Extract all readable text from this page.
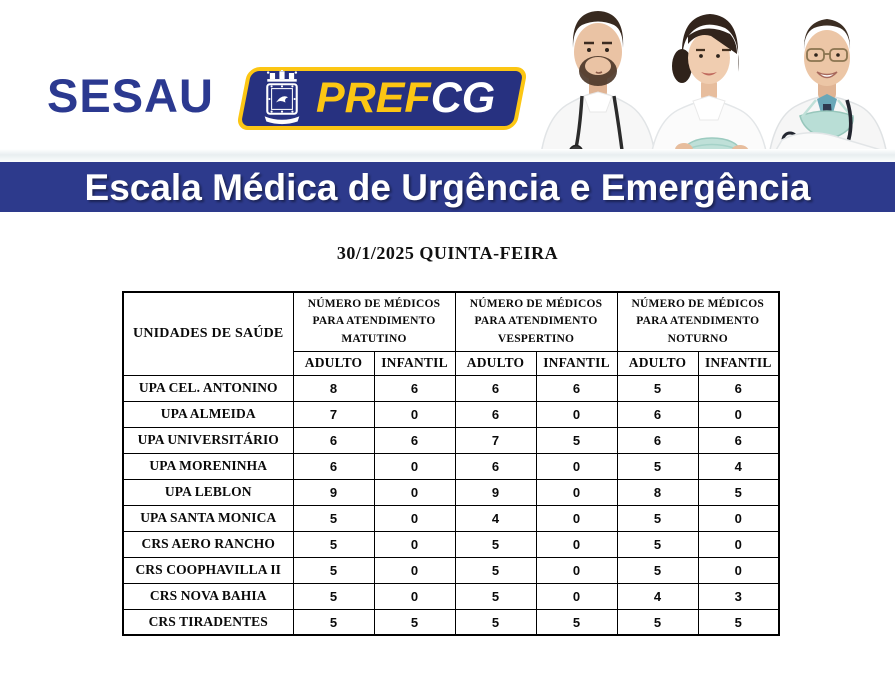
SESAU PREFCG
Escala Médica de Urgência e Emergência
30/1/2025 QUINTA-FEIRA
UNIDADES DE SAÚDE	NÚMERO DE MÉDICOS PARA ATENDIMENTO MATUTINO		NÚMERO DE MÉDICOS PARA ATENDIMENTO VESPERTINO		NÚMERO DE MÉDICOS PARA ATENDIMENTO NOTURNO	
	ADULTO	INFANTIL	ADULTO	INFANTIL	ADULTO	INFANTIL
UPA CEL. ANTONINO	8	6	6	6	5	6
UPA ALMEIDA	7	0	6	0	6	0
UPA UNIVERSITÁRIO	6	6	7	5	6	6
UPA MORENINHA	6	0	6	0	5	4
UPA LEBLON	9	0	9	0	8	5
UPA SANTA MONICA	5	0	4	0	5	0
CRS AERO RANCHO	5	0	5	0	5	0
CRS COOPHAVILLA II	5	0	5	0	5	0
CRS NOVA BAHIA	5	0	5	0	4	3
CRS TIRADENTES	5	5	5	5	5	5
